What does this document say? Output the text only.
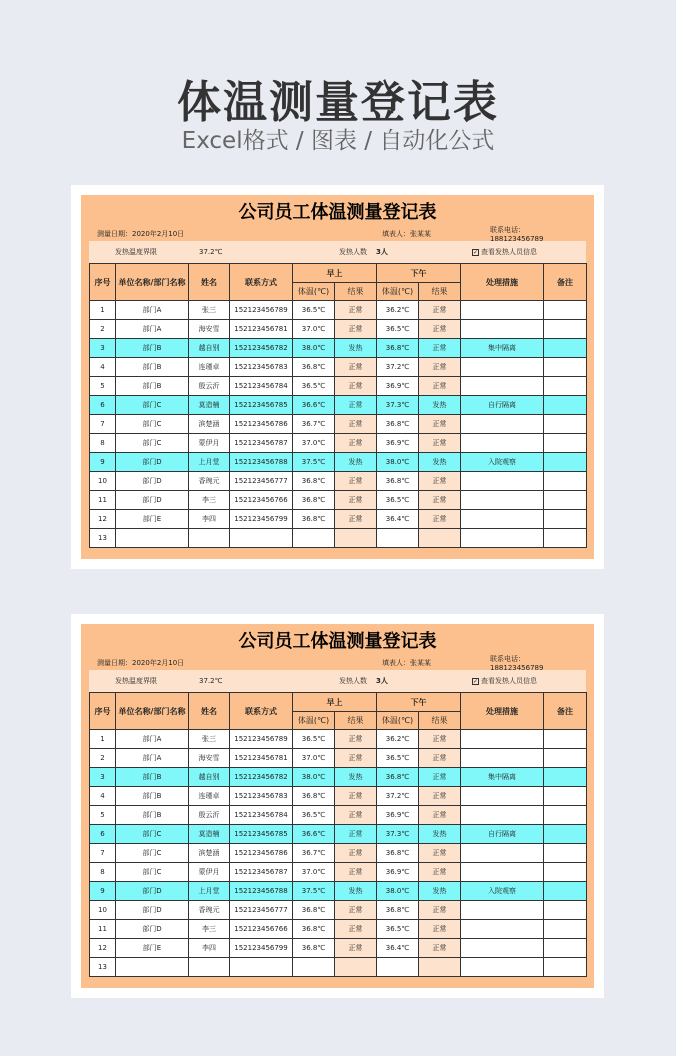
体温测量登记表
Excel格式 / 图表 / 自动化公式
公司员工体温测量登记表
测量日期：2020年2月10日	填表人：张某某	联系电话：188123456789
发热温度界限	37.2℃	发热人数	3人	✓ 查看发热人员信息
序号	单位名称/部门名称	姓名	联系方式	早上		下午		处理措施	备注
				体温(℃)	结果	体温(℃)	结果		
1	部门A	张三	152123456789	36.5℃	正常	36.2℃	正常		
2	部门A	海安雪	152123456781	37.0℃	正常	36.5℃	正常		
3	部门B	越自别	152123456782	38.0℃	发热	36.8℃	正常	集中隔离	
4	部门B	连瑾卓	152123456783	36.8℃	正常	37.2℃	正常		
5	部门B	殷云沂	152123456784	36.5℃	正常	36.9℃	正常		
6	部门C	莫造楠	152123456785	36.6℃	正常	37.3℃	发热	自行隔离	
7	部门C	滨楚涵	152123456786	36.7℃	正常	36.8℃	正常		
8	部门C	蒙伊月	152123456787	37.0℃	正常	36.9℃	正常		
9	部门D	上月堂	152123456788	37.5℃	发热	38.0℃	发热	入院观察	
10	部门D	香琬元	152123456777	36.8℃	正常	36.8℃	正常		
11	部门D	李三	152123456766	36.8℃	正常	36.5℃	正常		
12	部门E	李四	152123456799	36.8℃	正常	36.4℃	正常		
13									
公司员工体温测量登记表
测量日期：2020年2月10日	填表人：张某某	联系电话：188123456789
发热温度界限	37.2℃	发热人数	3人	✓ 查看发热人员信息
序号	单位名称/部门名称	姓名	联系方式	早上		下午		处理措施	备注
				体温(℃)	结果	体温(℃)	结果		
1	部门A	张三	152123456789	36.5℃	正常	36.2℃	正常		
2	部门A	海安雪	152123456781	37.0℃	正常	36.5℃	正常		
3	部门B	越自别	152123456782	38.0℃	发热	36.8℃	正常	集中隔离	
4	部门B	连瑾卓	152123456783	36.8℃	正常	37.2℃	正常		
5	部门B	殷云沂	152123456784	36.5℃	正常	36.9℃	正常		
6	部门C	莫造楠	152123456785	36.6℃	正常	37.3℃	发热	自行隔离	
7	部门C	滨楚涵	152123456786	36.7℃	正常	36.8℃	正常		
8	部门C	蒙伊月	152123456787	37.0℃	正常	36.9℃	正常		
9	部门D	上月堂	152123456788	37.5℃	发热	38.0℃	发热	入院观察	
10	部门D	香琬元	152123456777	36.8℃	正常	36.8℃	正常		
11	部门D	李三	152123456766	36.8℃	正常	36.5℃	正常		
12	部门E	李四	152123456799	36.8℃	正常	36.4℃	正常		
13									
